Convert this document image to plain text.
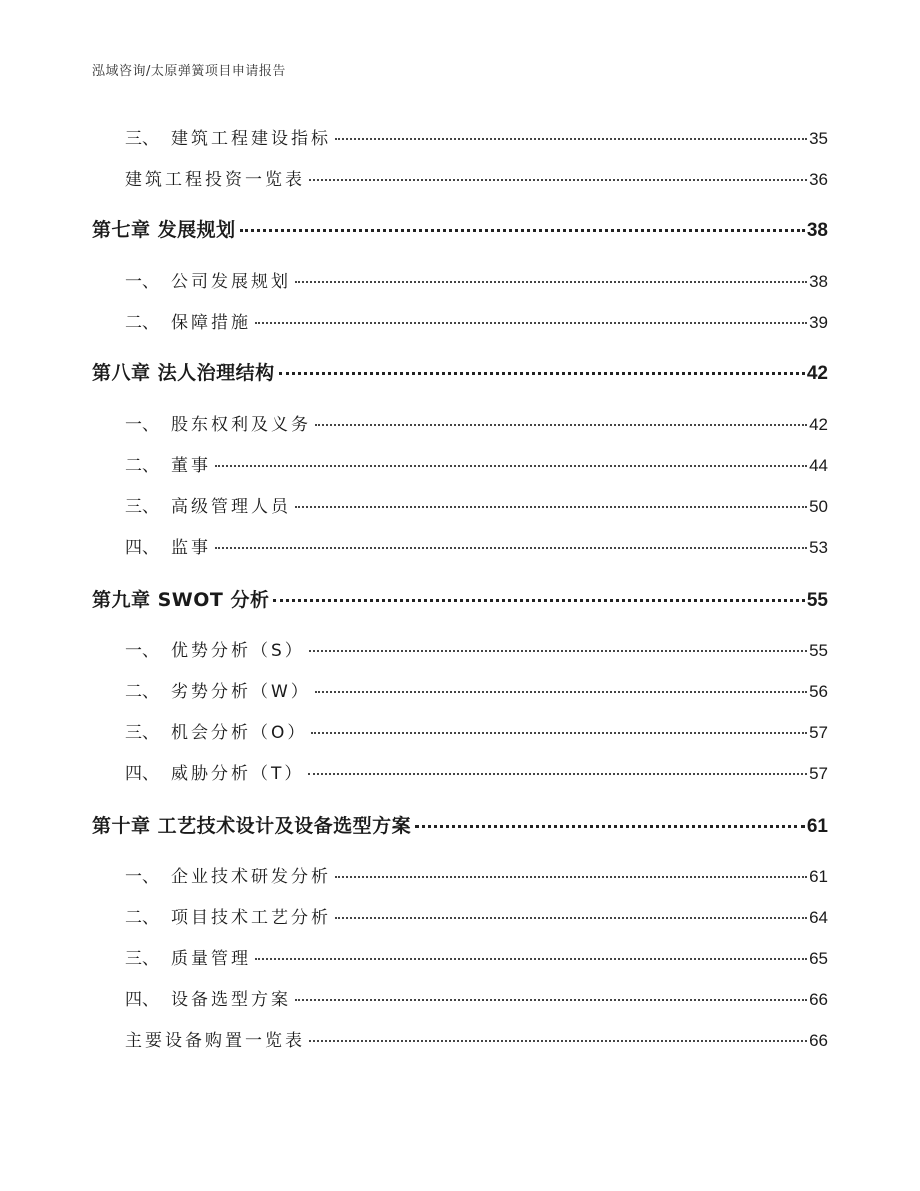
泓域咨询/太原弹簧项目申请报告
三、 建筑工程建设指标	35
建筑工程投资一览表	36
第七章 发展规划	38
一、 公司发展规划	38
二、 保障措施	39
第八章 法人治理结构	42
一、 股东权利及义务	42
二、 董事	44
三、 高级管理人员	50
四、 监事	53
第九章 SWOT 分析	55
一、 优势分析（S）	55
二、 劣势分析（W）	56
三、 机会分析（O）	57
四、 威胁分析（T）	57
第十章 工艺技术设计及设备选型方案	61
一、 企业技术研发分析	61
二、 项目技术工艺分析	64
三、 质量管理	65
四、 设备选型方案	66
主要设备购置一览表	66
